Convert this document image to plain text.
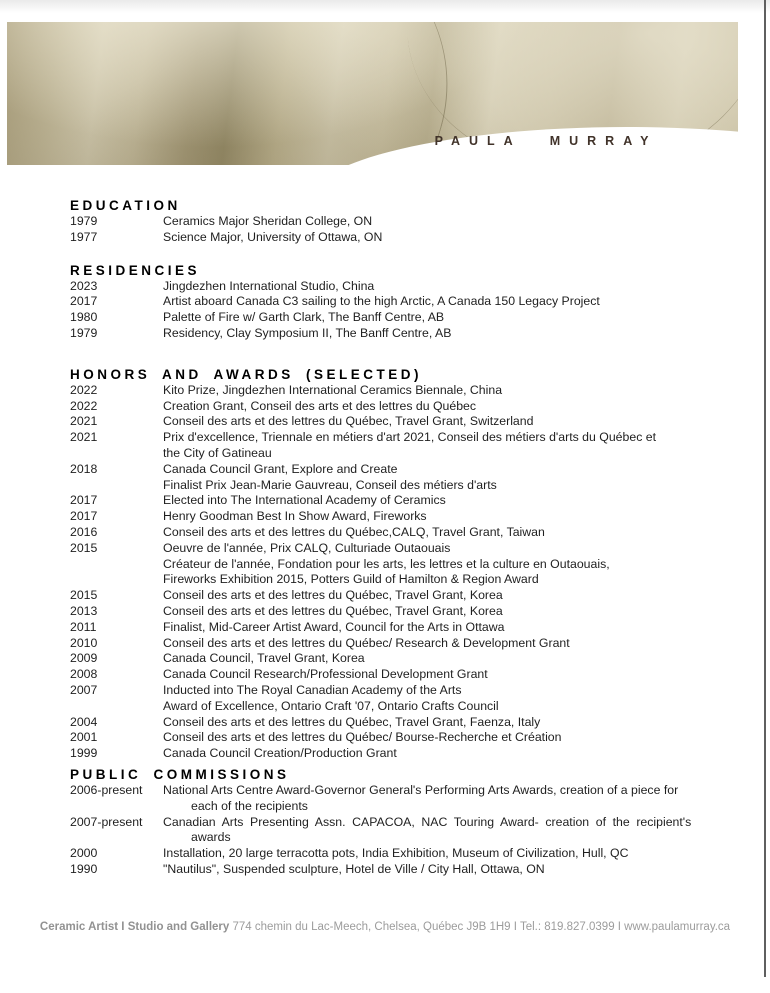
PAULA MURRAY
EDUCATION
1979	Ceramics Major Sheridan College, ON
1977	Science Major, University of Ottawa, ON
RESIDENCIES
2023	Jingdezhen International Studio, China
2017	Artist aboard Canada C3 sailing to the high Arctic, A Canada 150 Legacy Project
1980	Palette of Fire w/ Garth Clark, The Banff Centre, AB
1979	Residency, Clay Symposium II, The Banff Centre, AB
HONORS AND AWARDS (SELECTED)
2022	Kito Prize, Jingdezhen International Ceramics Biennale, China
2022	Creation Grant, Conseil des arts et des lettres du Québec
2021	Conseil des arts et des lettres du Québec, Travel Grant, Switzerland
2021	Prix d'excellence, Triennale en métiers d'art 2021, Conseil des métiers d'arts du Québec et
the City of Gatineau
2018	Canada Council Grant, Explore and Create
Finalist Prix Jean-Marie Gauvreau, Conseil des métiers d'arts
2017	Elected into The International Academy of Ceramics
2017	Henry Goodman Best In Show Award, Fireworks
2016	Conseil des arts et des lettres du Québec,CALQ, Travel Grant, Taiwan
2015	Oeuvre de l'année, Prix CALQ, Culturiade Outaouais
Créateur de l'année, Fondation pour les arts, les lettres et la culture en Outaouais,
Fireworks Exhibition 2015, Potters Guild of Hamilton & Region Award
2015	Conseil des arts et des lettres du Québec, Travel Grant, Korea
2013	Conseil des arts et des lettres du Québec, Travel Grant, Korea
2011	Finalist, Mid-Career Artist Award, Council for the Arts in Ottawa
2010	Conseil des arts et des lettres du Québec/ Research & Development Grant
2009	Canada Council, Travel Grant, Korea
2008	Canada Council Research/Professional Development Grant
2007	Inducted into The Royal Canadian Academy of the Arts
Award of Excellence, Ontario Craft '07, Ontario Crafts Council
2004	Conseil des arts et des lettres du Québec, Travel Grant, Faenza, Italy
2001	Conseil des arts et des lettres du Québec/ Bourse-Recherche et Création
1999	Canada Council Creation/Production Grant
PUBLIC COMMISSIONS
2006-present	National Arts Centre Award-Governor General's Performing Arts Awards, creation of a piece for
each of the recipients
2007-present	Canadian Arts Presenting Assn. CAPACOA, NAC Touring Award- creation of the recipient's
awards
2000	Installation, 20 large terracotta pots, India Exhibition, Museum of Civilization, Hull, QC
1990	"Nautilus", Suspended sculpture, Hotel de Ville / City Hall, Ottawa, ON
Ceramic Artist I Studio and Gallery 774 chemin du Lac-Meech, Chelsea, Québec J9B 1H9 I Tel.: 819.827.0399 I www.paulamurray.ca
